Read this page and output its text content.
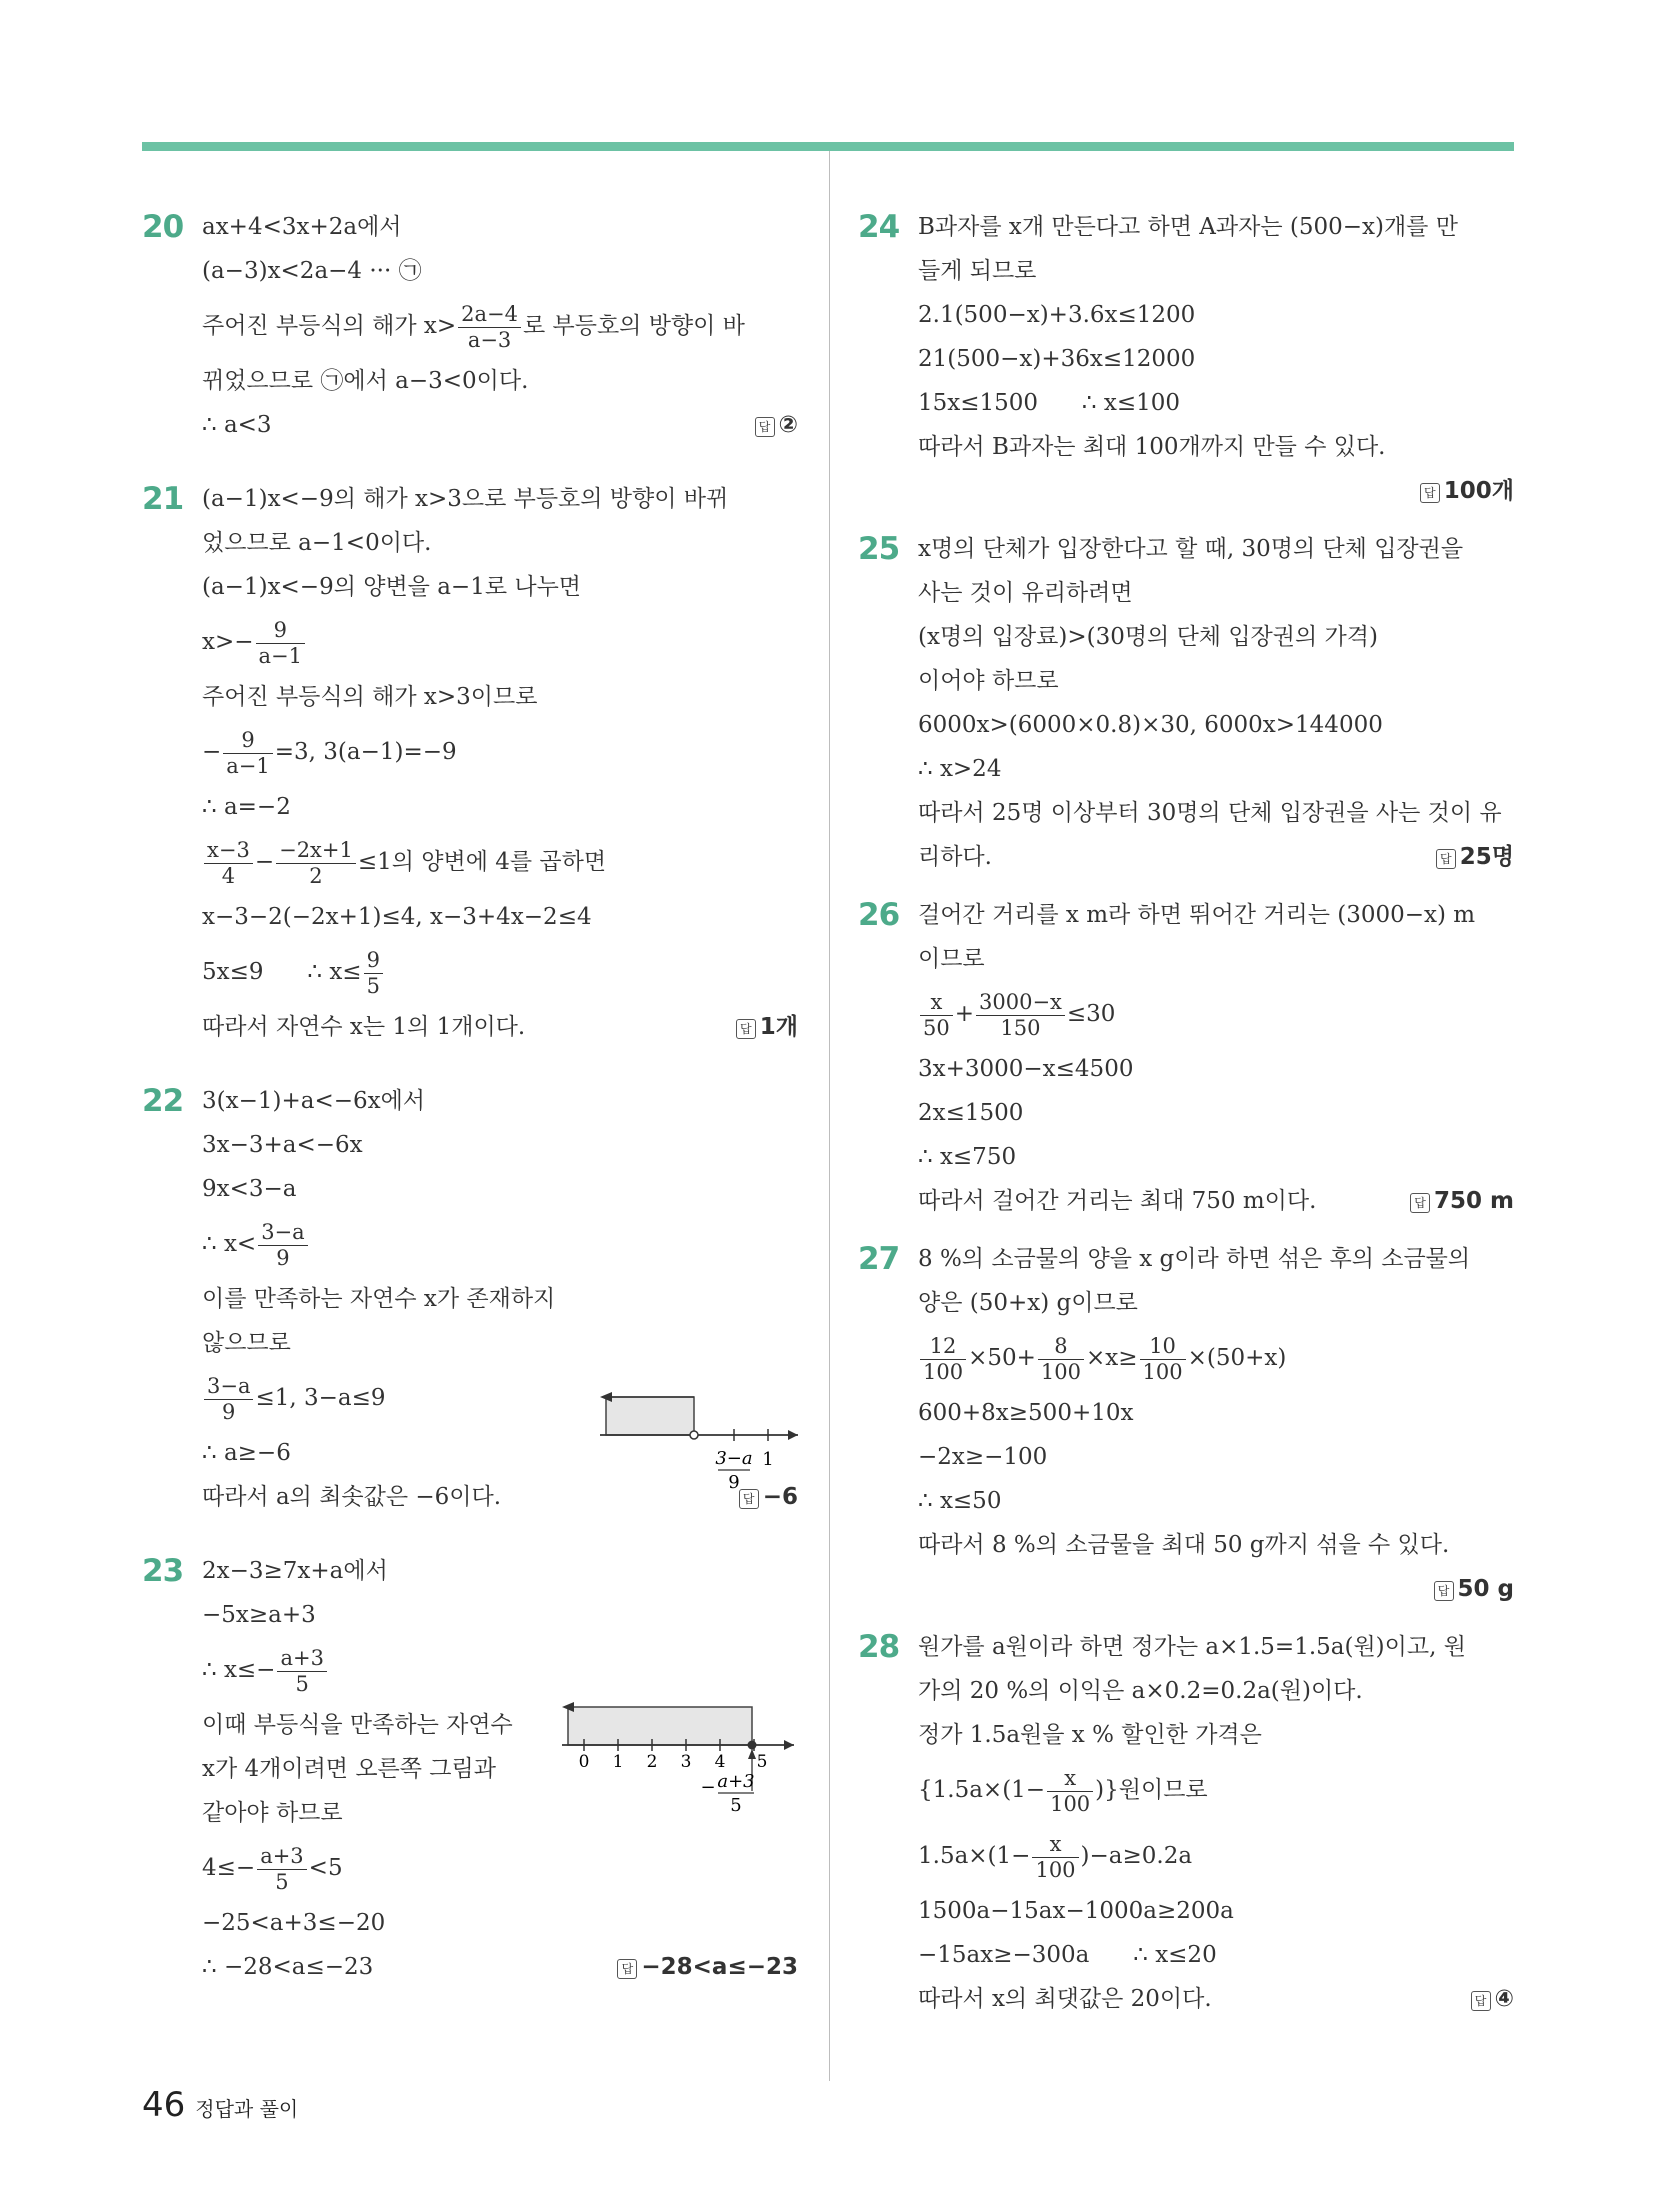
20 ax+4<3x+2a에서
(a−3)x<2a−4 ··· ㉠
주어진 부등식의 해가 $x> \frac{2a-4}{a-3}$ 로 부등호의 방향이 바
뀌었으므로 ㉠에서 a−3<0이다.
∴ a<3	답 ②
21 (a−1)x<−9의 해가 x>3으로 부등호의 방향이 바뀌
었으므로 a−1<0이다.
(a−1)x<−9의 양변을 a−1로 나누면
$x>- \frac{9}{a-1}$
주어진 부등식의 해가 x>3이므로
− $\frac{9}{a-1} =3$, 3(a−1)=−9
∴ a=−2
$\frac{x-3}{4} - \frac{-2x+1}{2} \le 1$의 양변에 4를 곱하면
x−3−2(−2x+1)≤4, x−3+4x−2≤4
5x≤9      ∴ $x\le \frac{9}{5}$
따라서 자연수 x는 1의 1개이다.	답 1개
22 3(x−1)+a<−6x에서
3x−3+a<−6x
9x<3−a
∴ $x< \frac{3-a}{9}$
이를 만족하는 자연수 x가 존재하지
않으므로
3−a
9
1
$\frac{3-a}{9} \le 1$, 3−a≤9
∴ a≥−6
따라서 a의 최솟값은 −6이다.	답 −6
23 2x−3≥7x+a에서
−5x≥a+3
∴ $x\le- \frac{a+3}{5}$
이때 부등식을 만족하는 자연수
x가 4개이려면 오른쪽 그림과
같아야 하므로
0 1 2 3 4 5
− a+3
5
$4\le- \frac{a+3}{5} <5$
−25<a+3≤−20
∴ −28<a≤−23	답 −28<a≤−23
24 B과자를 x개 만든다고 하면 A과자는 (500−x)개를 만
들게 되므로
2.1(500−x)+3.6x≤1200
21(500−x)+36x≤12000
15x≤1500      ∴ x≤100
따라서 B과자는 최대 100개까지 만들 수 있다.
답 100개
25 x명의 단체가 입장한다고 할 때, 30명의 단체 입장권을
사는 것이 유리하려면
(x명의 입장료)>(30명의 단체 입장권의 가격)
이어야 하므로
6000x>(6000×0.8)×30, 6000x>144000
∴ x>24
따라서 25명 이상부터 30명의 단체 입장권을 사는 것이 유
리하다.	답 25명
26 걸어간 거리를 x m라 하면 뛰어간 거리는 (3000−x) m
이므로
$\frac{x}{50} + \frac{3000-x}{150} \le 30$
3x+3000−x≤4500
2x≤1500
∴ x≤750
따라서 걸어간 거리는 최대 750 m이다.	답 750 m
27 8 %의 소금물의 양을 x g이라 하면 섞은 후의 소금물의
양은 (50+x) g이므로
$\frac{12}{100} \times 50+ \frac{8}{100} \times x\ge \frac{10}{100} \times(50+x)$
600+8x≥500+10x
−2x≥−100
∴ x≤50
따라서 8 %의 소금물을 최대 50 g까지 섞을 수 있다.
답 50 g
28 원가를 a원이라 하면 정가는 a×1.5=1.5a(원)이고, 원
가의 20 %의 이익은 a×0.2=0.2a(원)이다.
정가 1.5a원을 x % 할인한 가격은
{$1.5a\times(1- \frac{x}{100}$ )}원이므로
$1.5a\times(1- \frac{x}{100} )-a\ge 0.2a$
1500a−15ax−1000a≥200a
−15ax≥−300a      ∴ x≤20
따라서 x의 최댓값은 20이다.	답 ④
46 정답과 풀이
